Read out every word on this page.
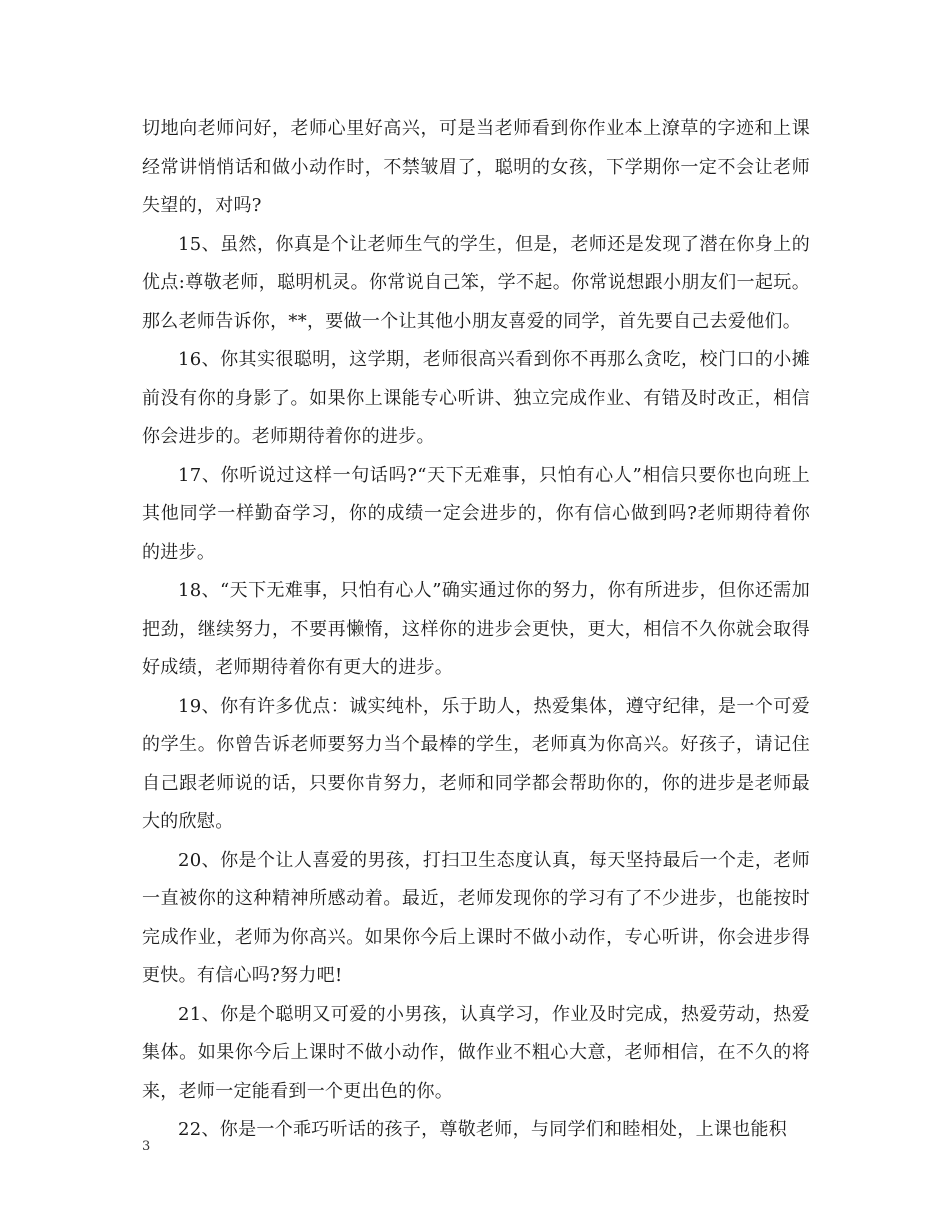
切地向老师问好，老师心里好高兴，可是当老师看到你作业本上潦草的字迹和上课经常讲悄悄话和做小动作时，不禁皱眉了，聪明的女孩，下学期你一定不会让老师失望的，对吗?

15、虽然，你真是个让老师生气的学生，但是，老师还是发现了潜在你身上的优点:尊敬老师，聪明机灵。你常说自己笨，学不起。你常说想跟小朋友们一起玩。那么老师告诉你，**，要做一个让其他小朋友喜爱的同学，首先要自己去爱他们。

16、你其实很聪明，这学期，老师很高兴看到你不再那么贪吃，校门口的小摊前没有你的身影了。如果你上课能专心听讲、独立完成作业、有错及时改正，相信你会进步的。老师期待着你的进步。

17、你听说过这样一句话吗?“天下无难事，只怕有心人”相信只要你也向班上其他同学一样勤奋学习，你的成绩一定会进步的，你有信心做到吗?老师期待着你的进步。

18、“天下无难事，只怕有心人”确实通过你的努力，你有所进步，但你还需加把劲，继续努力，不要再懒惰，这样你的进步会更快，更大，相信不久你就会取得好成绩，老师期待着你有更大的进步。

19、你有许多优点：诚实纯朴，乐于助人，热爱集体，遵守纪律，是一个可爱的学生。你曾告诉老师要努力当个最棒的学生，老师真为你高兴。好孩子，请记住自己跟老师说的话，只要你肯努力，老师和同学都会帮助你的，你的进步是老师最大的欣慰。

20、你是个让人喜爱的男孩，打扫卫生态度认真，每天坚持最后一个走，老师一直被你的这种精神所感动着。最近，老师发现你的学习有了不少进步，也能按时完成作业，老师为你高兴。如果你今后上课时不做小动作，专心听讲，你会进步得更快。有信心吗?努力吧!

21、你是个聪明又可爱的小男孩，认真学习，作业及时完成，热爱劳动，热爱集体。如果你今后上课时不做小动作，做作业不粗心大意，老师相信，在不久的将来，老师一定能看到一个更出色的你。

22、你是一个乖巧听话的孩子，尊敬老师，与同学们和睦相处，上课也能积

3
